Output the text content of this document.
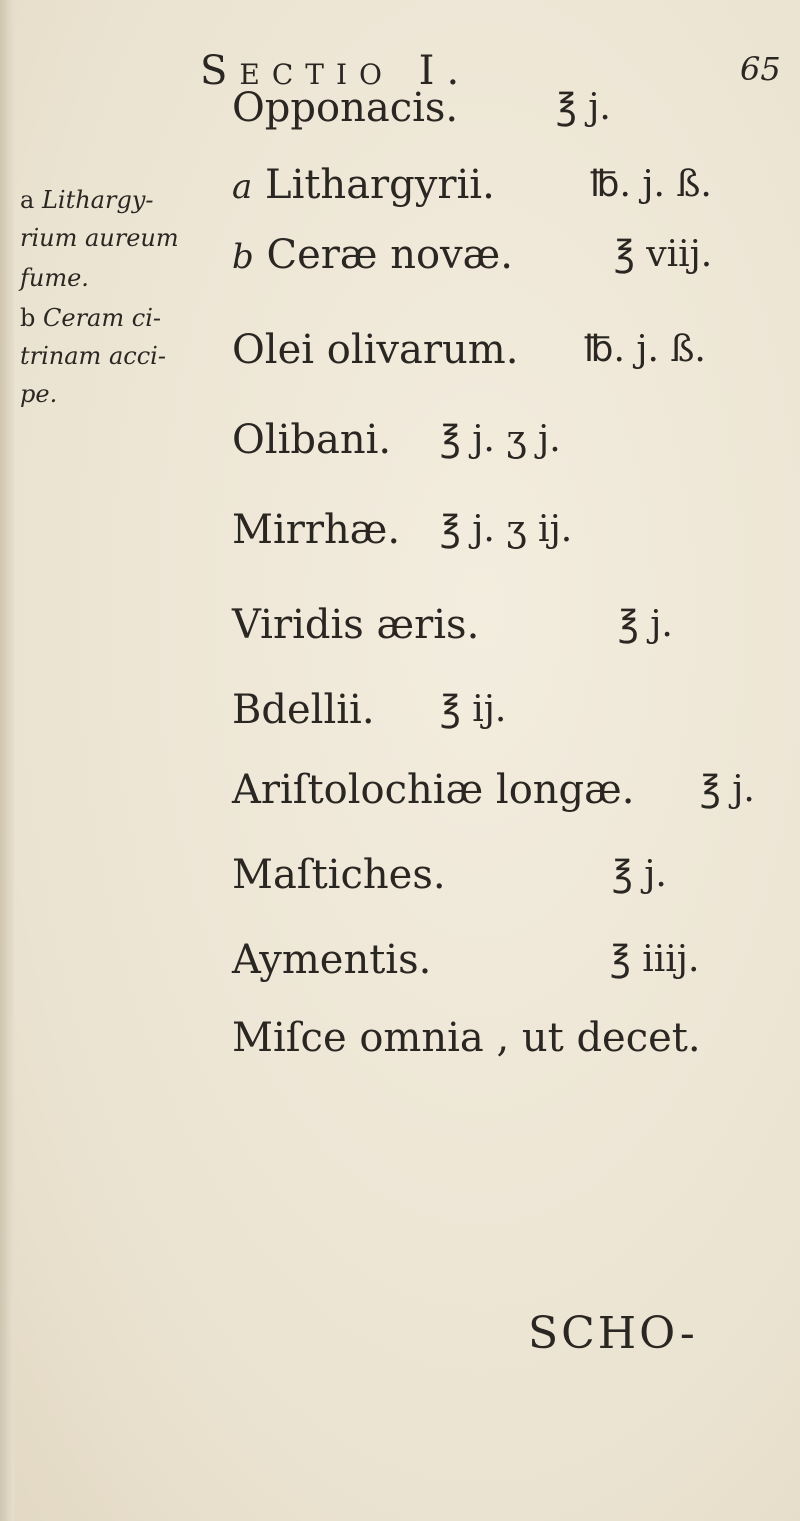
Sectio I.	65
a Lithargy-
rium aureum
fume.
b Ceram ci-
trinam acci-
pe.
Opponacis.	℥ j.
a Lithargyrii.	℔. j. ß.
b Ceræ novæ.	℥ viij.
Olei olivarum. ℔. j. ß.
Olibani. ℥ j. ʒ j.
Mirrhæ. ℥ j. ʒ ij.
Viridis æris.	℥ j.
Bdellii. ℥ ij.
Ariſtolochiæ longæ. ℥ j.
Maſtiches.	℥ j.
Aymentis.	℥ iiij.
Miſce omnia , ut decet.
SCHO-
